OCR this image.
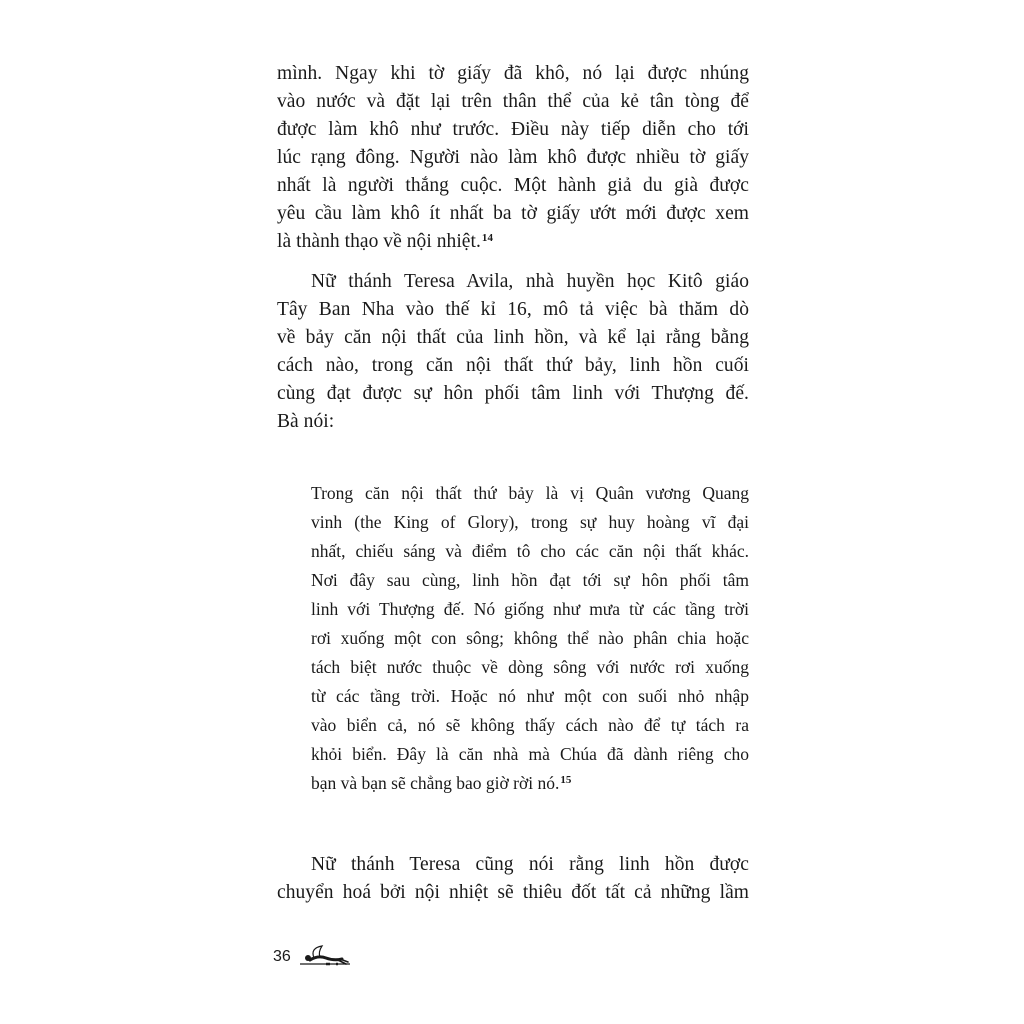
mình. Ngay khi tờ giấy đã khô, nó lại được nhúng
vào nước và đặt lại trên thân thể của kẻ tân tòng để
được làm khô như trước. Điều này tiếp diễn cho tới
lúc rạng đông. Người nào làm khô được nhiều tờ giấy
nhất là người thắng cuộc. Một hành giả du già được
yêu cầu làm khô ít nhất ba tờ giấy ướt mới được xem
là thành thạo về nội nhiệt.$^{14}$
Nữ thánh Teresa Avila, nhà huyền học Kitô giáo
Tây Ban Nha vào thế kỉ 16, mô tả việc bà thăm dò
về bảy căn nội thất của linh hồn, và kể lại rằng bằng
cách nào, trong căn nội thất thứ bảy, linh hồn cuối
cùng đạt được sự hôn phối tâm linh với Thượng đế.
Bà nói:
Trong căn nội thất thứ bảy là vị Quân vương Quang
vinh (the King of Glory), trong sự huy hoàng vĩ đại
nhất, chiếu sáng và điểm tô cho các căn nội thất khác.
Nơi đây sau cùng, linh hồn đạt tới sự hôn phối tâm
linh với Thượng đế. Nó giống như mưa từ các tầng trời
rơi xuống một con sông; không thể nào phân chia hoặc
tách biệt nước thuộc về dòng sông với nước rơi xuống
từ các tầng trời. Hoặc nó như một con suối nhỏ nhập
vào biển cả, nó sẽ không thấy cách nào để tự tách ra
khỏi biển. Đây là căn nhà mà Chúa đã dành riêng cho
bạn và bạn sẽ chẳng bao giờ rời nó.$^{15}$
Nữ thánh Teresa cũng nói rằng linh hồn được
chuyển hoá bởi nội nhiệt sẽ thiêu đốt tất cả những lầm
36
